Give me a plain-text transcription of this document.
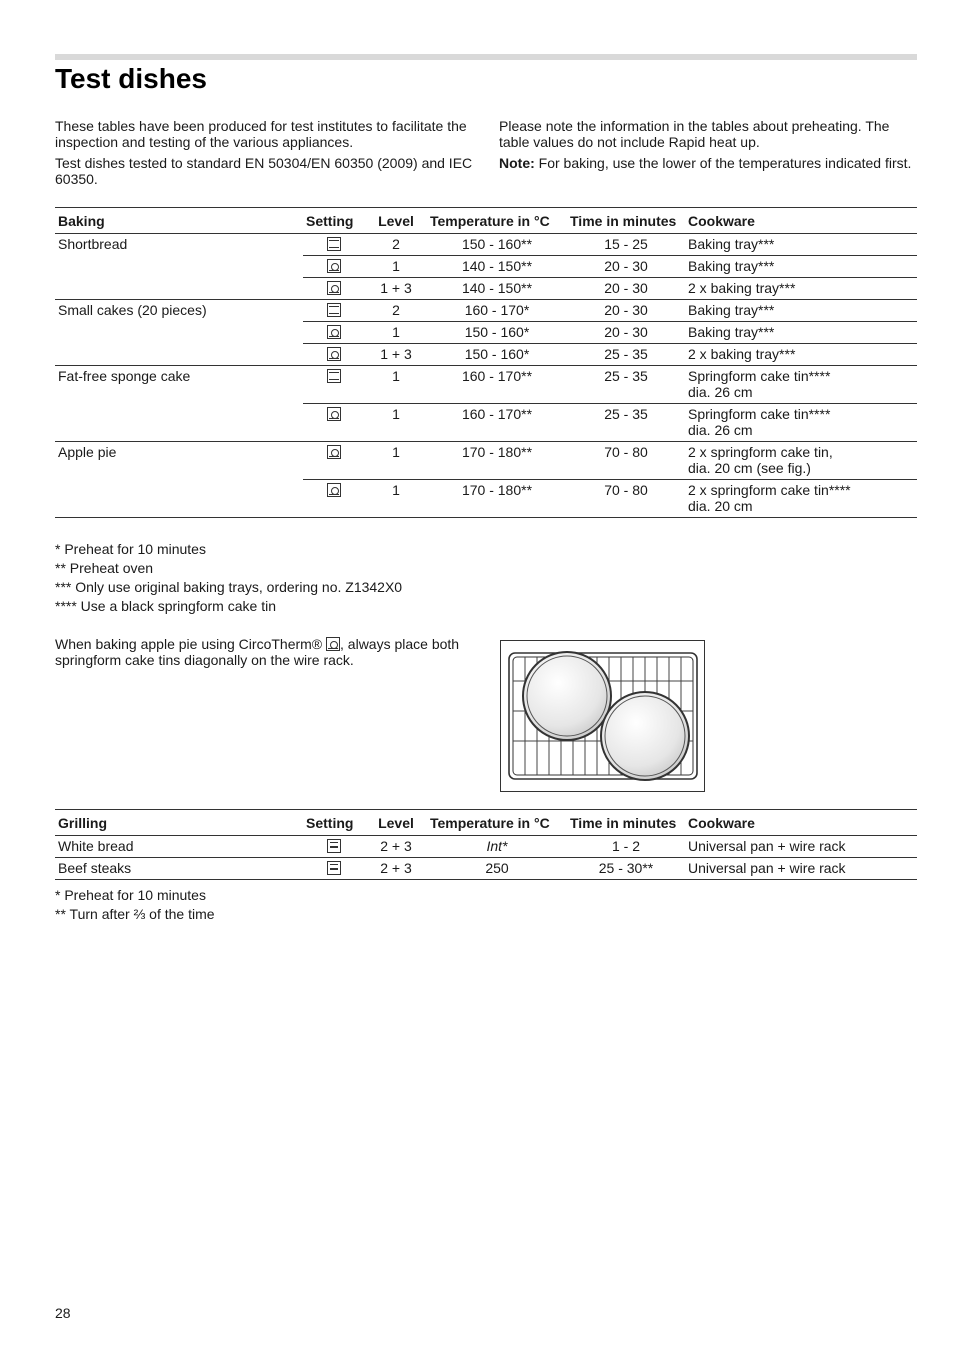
Test dishes

These tables have been produced for test institutes to facilitate the inspection and testing of the various appliances.

Test dishes tested to standard EN 50304/EN 60350 (2009) and IEC 60350.

Please note the information in the tables about preheating. The table values do not include Rapid heat up.

Note: For baking, use the lower of the temperatures indicated first.

Baking	Setting	Level	Temperature in °C	Time in minutes	Cookware
Shortbread		2	150 - 160**	15 - 25	Baking tray***
		1	140 - 150**	20 - 30	Baking tray***
		1 + 3	140 - 150**	20 - 30	2 x baking tray***
Small cakes (20 pieces)		2	160 - 170*	20 - 30	Baking tray***
		1	150 - 160*	20 - 30	Baking tray***
		1 + 3	150 - 160*	25 - 35	2 x baking tray***
Fat-free sponge cake		1	160 - 170**	25 - 35	Springform cake tin****
dia. 26 cm

		1	160 - 170**	25 - 35	Springform cake tin****
dia. 26 cm

Apple pie		1	170 - 180**	70 - 80	2 x springform cake tin,
dia. 20 cm (see fig.)

		1	170 - 180**	70 - 80	2 x springform cake tin****
dia. 20 cm
* Preheat for 10 minutes
** Preheat oven
*** Only use original baking trays, ordering no. Z1342X0
**** Use a black springform cake tin
When baking apple pie using CircoTherm® , always place both springform cake tins diagonally on the wire rack.
Grilling	Setting	Level	Temperature in °C	Time in minutes	Cookware
White bread		2 + 3	Int*	1 - 2	Universal pan + wire rack
Beef steaks		2 + 3	250	25 - 30**	Universal pan + wire rack
* Preheat for 10 minutes
** Turn after ⅔ of the time
28
